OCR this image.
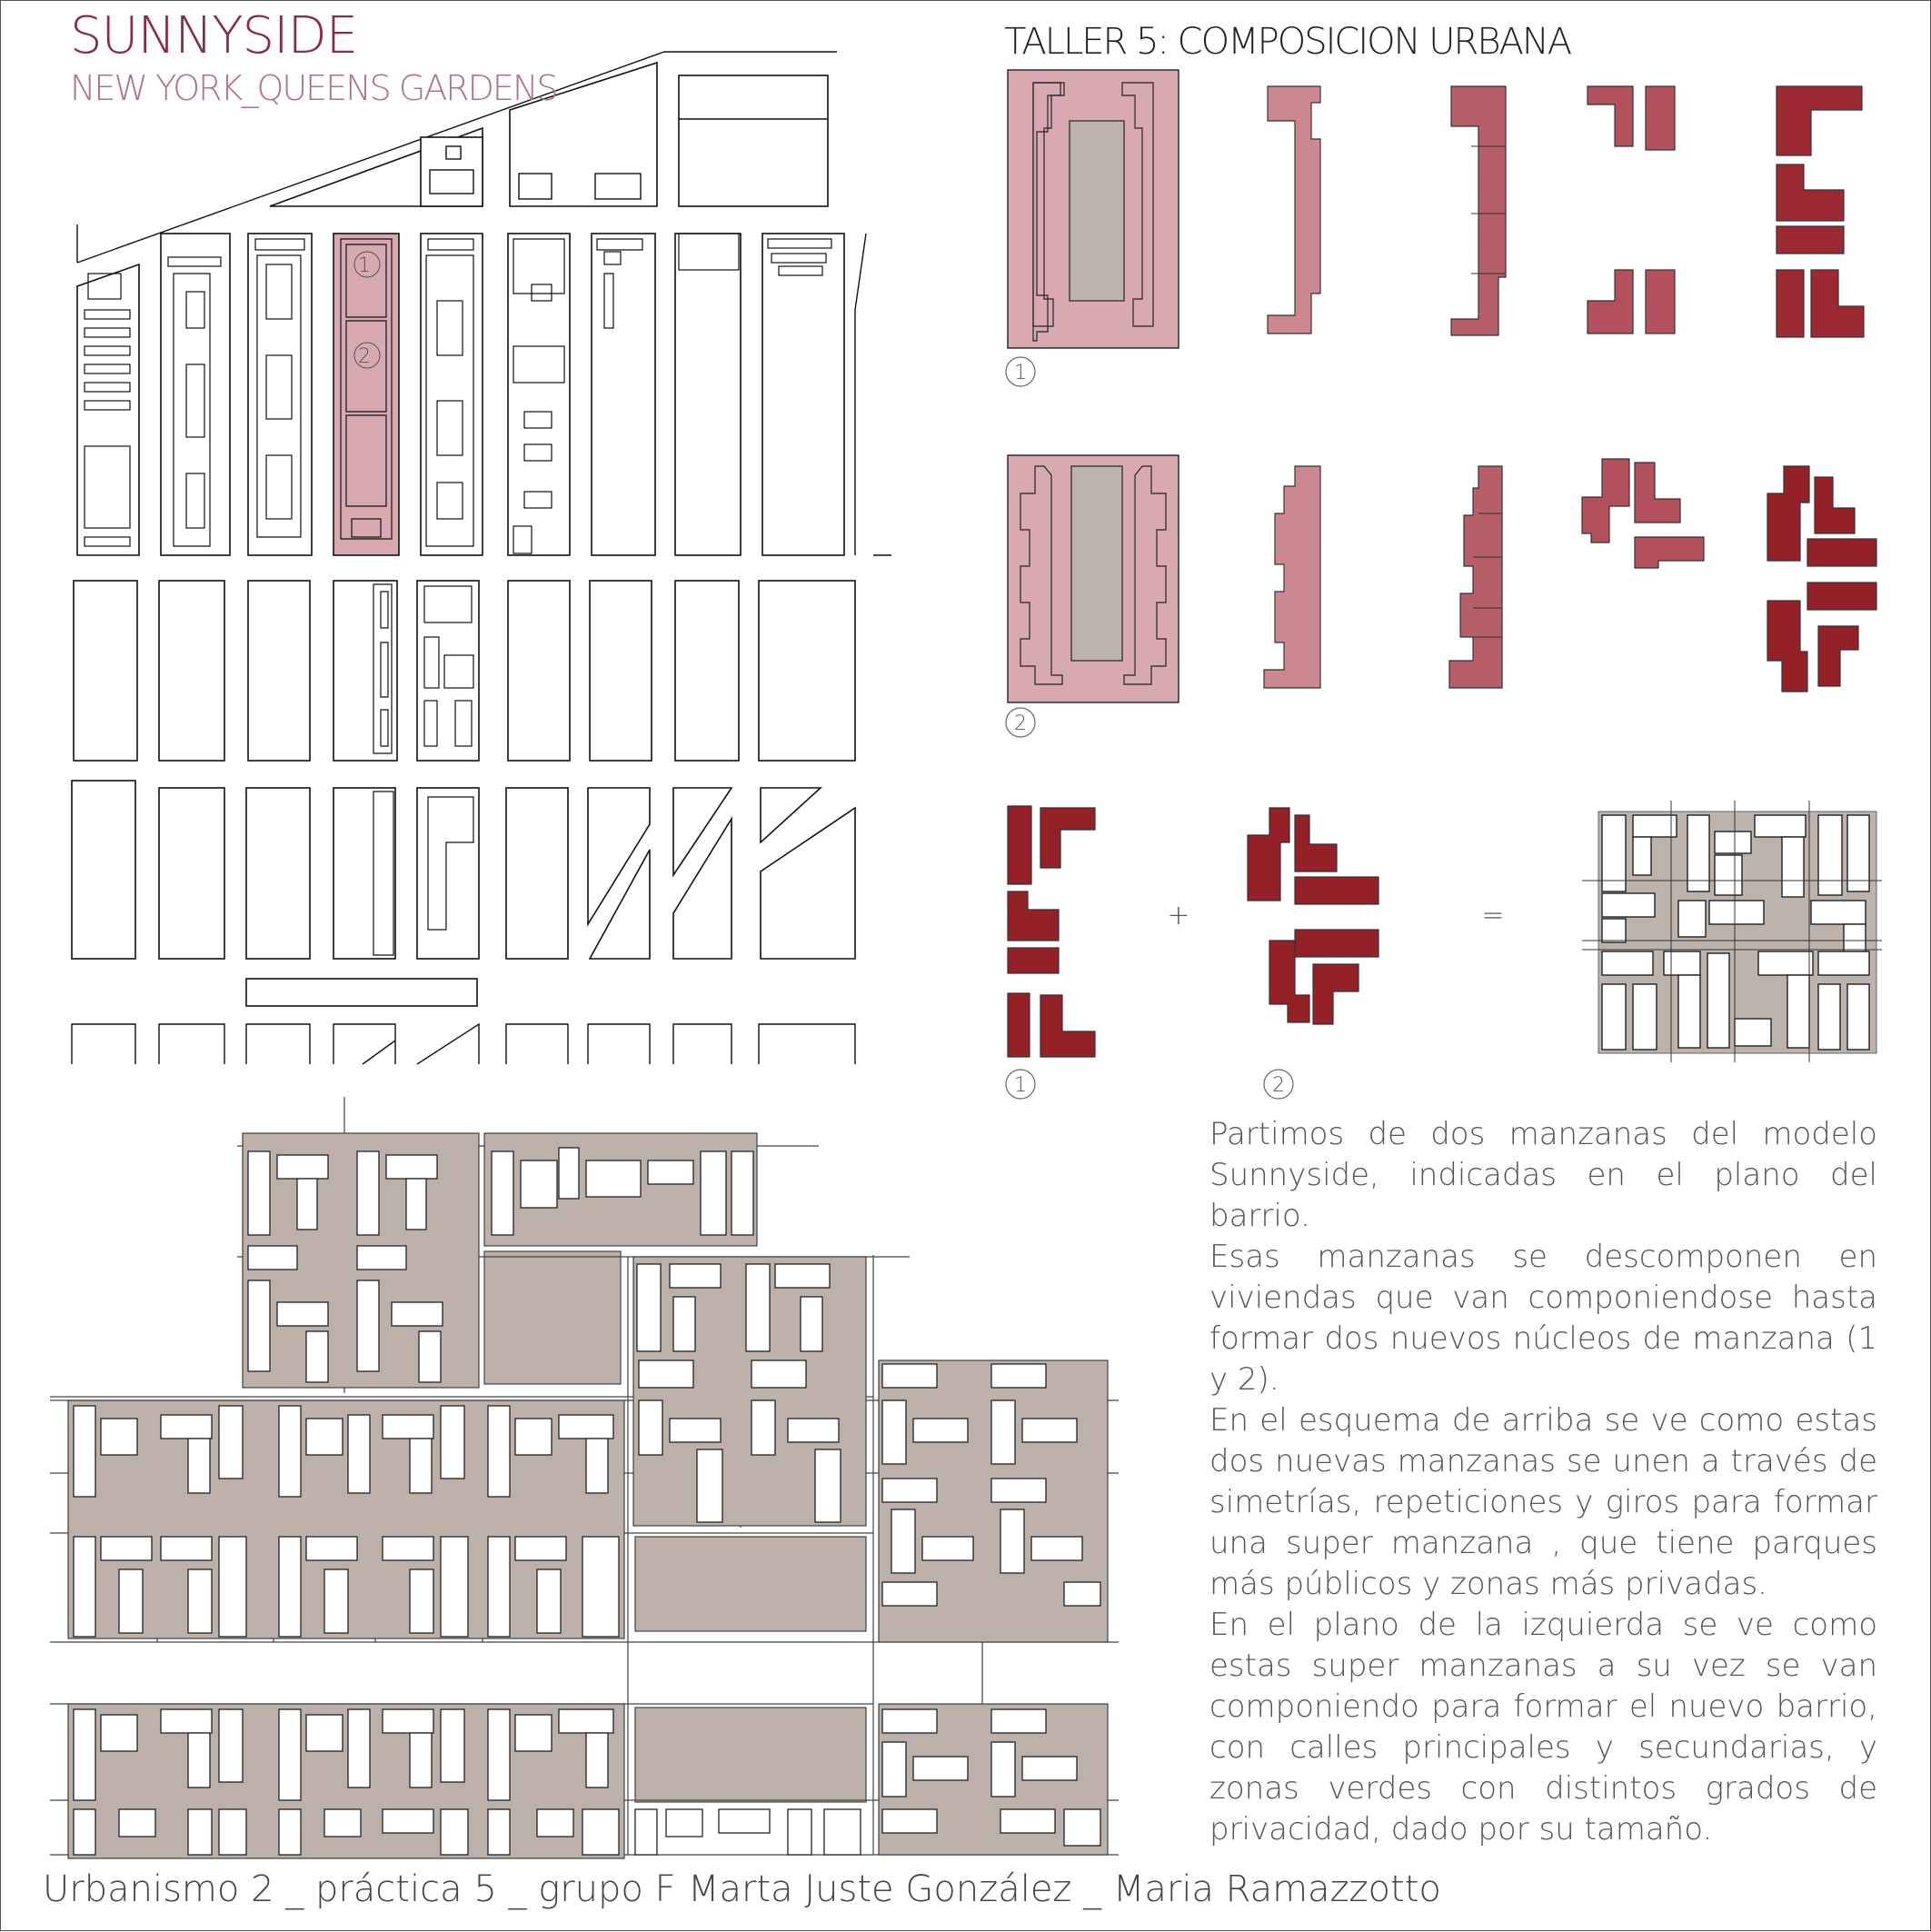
1
2
1
2
1
+
2
=

SUNNYSIDE

NEW YORK_QUEENS GARDENS

TALLER 5: COMPOSICION URBANA

Partimos de dos manzanas del modelo Sunnyside, indicadas en el plano del barrio.

Esas manzanas se descomponen en viviendas que van componiendose hasta formar dos nuevos núcleos de manzana (1 y 2).

En el esquema de arriba se ve como estas dos nuevas manzanas se unen a través de simetrías, repeticiones y giros para formar una super manzana , que tiene parques más públicos y zonas más privadas.

En el plano de la izquierda se ve como estas super manzanas a su vez se van componiendo para formar el nuevo barrio, con calles principales y secundarias, y zonas verdes con distintos grados de privacidad, dado por su tamaño.

Urbanismo 2 _ práctica 5 _ grupo F Marta Juste González _ Maria Ramazzotto
